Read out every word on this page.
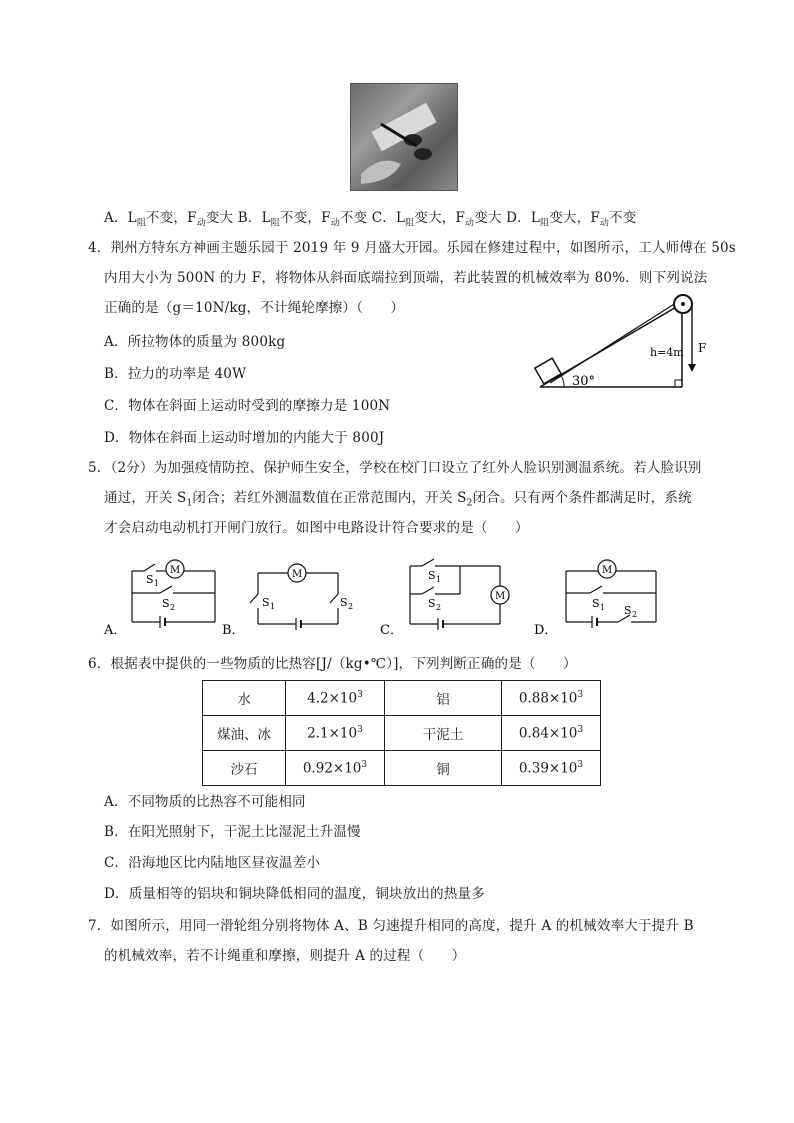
A．$L_阻$不变，$F_动$变大 B．$L_阻$不变，$F_动$不变 C．$L_阻$变大，$F_动$变大 D．$L_阻$变大，$F_动$不变
4．荆州方特东方神画主题乐园于 2019 年 9 月盛大开园。乐园在修建过程中，如图所示，工人师傅在 50s
内用大小为 500N 的力 F，将物体从斜面底端拉到顶端，若此装置的机械效率为 80%．则下列说法
正确的是（g＝10N/kg，不计绳轮摩擦）（　　）
A．所拉物体的质量为 800kg
B．拉力的功率是 40W
C．物体在斜面上运动时受到的摩擦力是 100N
D．物体在斜面上运动时增加的内能大于 800J
30°
h=4m F
5．（2分）为加强疫情防控、保护师生安全，学校在校门口设立了红外人脸识别测温系统。若人脸识别
通过，开关 $S_1$闭合；若红外测温数值在正常范围内，开关 $S_2$闭合。只有两个条件都满足时，系统
才会启动电动机打开闸门放行。如图中电路设计符合要求的是（　　）
M
S 1
S 2
A．
M
S 1	S 2
B．
M
S 1
S 2
C．
M
S 1 S 2
D．
6．根据表中提供的一些物质的比热容[J/（kg•℃）]，下列判断正确的是（　　）
水	$4.2\times 10^3$	铝	$0.88\times 10^3$
煤油、冰	$2.1\times 10^3$	干泥土	$0.84\times 10^3$
沙石	$0.92\times 10^3$	铜	$0.39\times 10^3$
A．不同物质的比热容不可能相同
B．在阳光照射下，干泥土比湿泥土升温慢
C．沿海地区比内陆地区昼夜温差小
D．质量相等的铝块和铜块降低相同的温度，铜块放出的热量多
7．如图所示，用同一滑轮组分别将物体 A、B 匀速提升相同的高度，提升 A 的机械效率大于提升 B
的机械效率，若不计绳重和摩擦，则提升 A 的过程（　　）
